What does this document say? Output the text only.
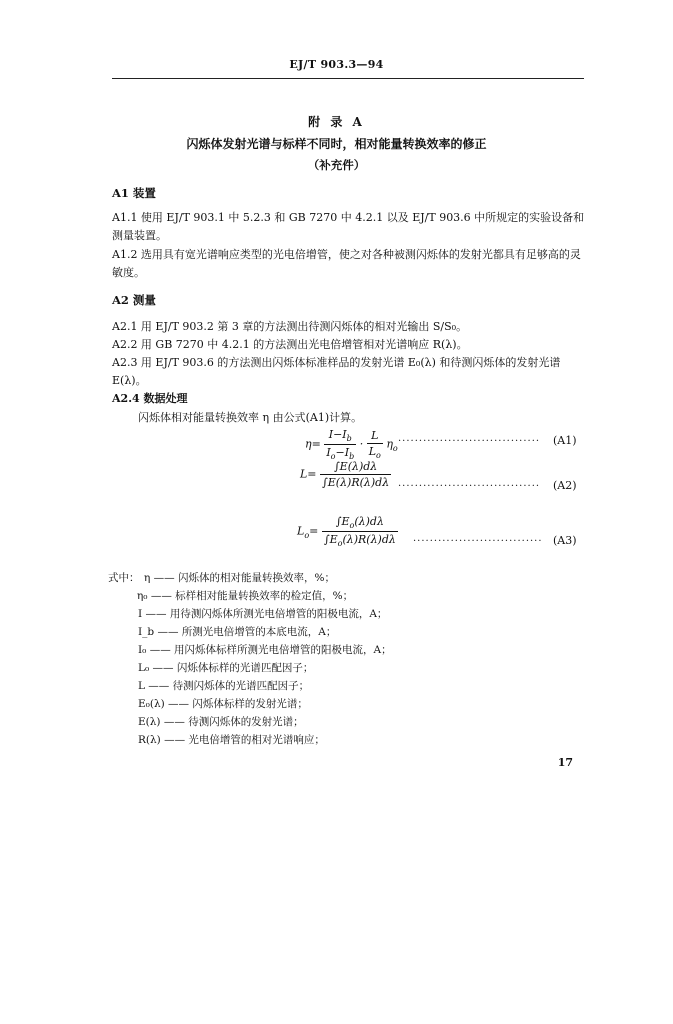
EJ/T 903.3—94
附 录 A
闪烁体发射光谱与标样不同时，相对能量转换效率的修正
（补充件）
A1 装置
A1.1 使用 EJ/T 903.1 中 5.2.3 和 GB 7270 中 4.2.1 以及 EJ/T 903.6 中所规定的实验设备和测量装置。
A1.2 选用具有宽光谱响应类型的光电倍增管，使之对各种被测闪烁体的发射光都具有足够高的灵敏度。
A2 测量
A2.1 用 EJ/T 903.2 第 3 章的方法测出待测闪烁体的相对光输出 S/S₀。
A2.2 用 GB 7270 中 4.2.1 的方法测出光电倍增管相对光谱响应 R(λ)。
A2.3 用 EJ/T 903.6 的方法测出闪烁体标准样品的发射光谱 E₀(λ) 和待测闪烁体的发射光谱 E(λ)。
A2.4 数据处理
闪烁体相对能量转换效率 η 由公式(A1)计算。
$\eta= \frac{I-I_b}{I_o-I_b} \cdot \frac{L}{L_o} \eta_o$
·································· (A1)
$L= \frac{\int E(\lambda)d\lambda}{\int E(\lambda)R(\lambda)d\lambda}$ ·································· (A2)
$L_o= \frac{\int E_o(\lambda)d\lambda}{\int E_o(\lambda)R(\lambda)d\lambda}$ ······························· (A3)
式中： η —— 闪烁体的相对能量转换效率，%；
η₀ —— 标样相对能量转换效率的检定值，%；
I —— 用待测闪烁体所测光电倍增管的阳极电流，A；
I_b —— 所测光电倍增管的本底电流，A；
I₀ —— 用闪烁体标样所测光电倍增管的阳极电流，A；
L₀ —— 闪烁体标样的光谱匹配因子；
L —— 待测闪烁体的光谱匹配因子；
E₀(λ) —— 闪烁体标样的发射光谱；
E(λ) —— 待测闪烁体的发射光谱；
R(λ) —— 光电倍增管的相对光谱响应；
17
